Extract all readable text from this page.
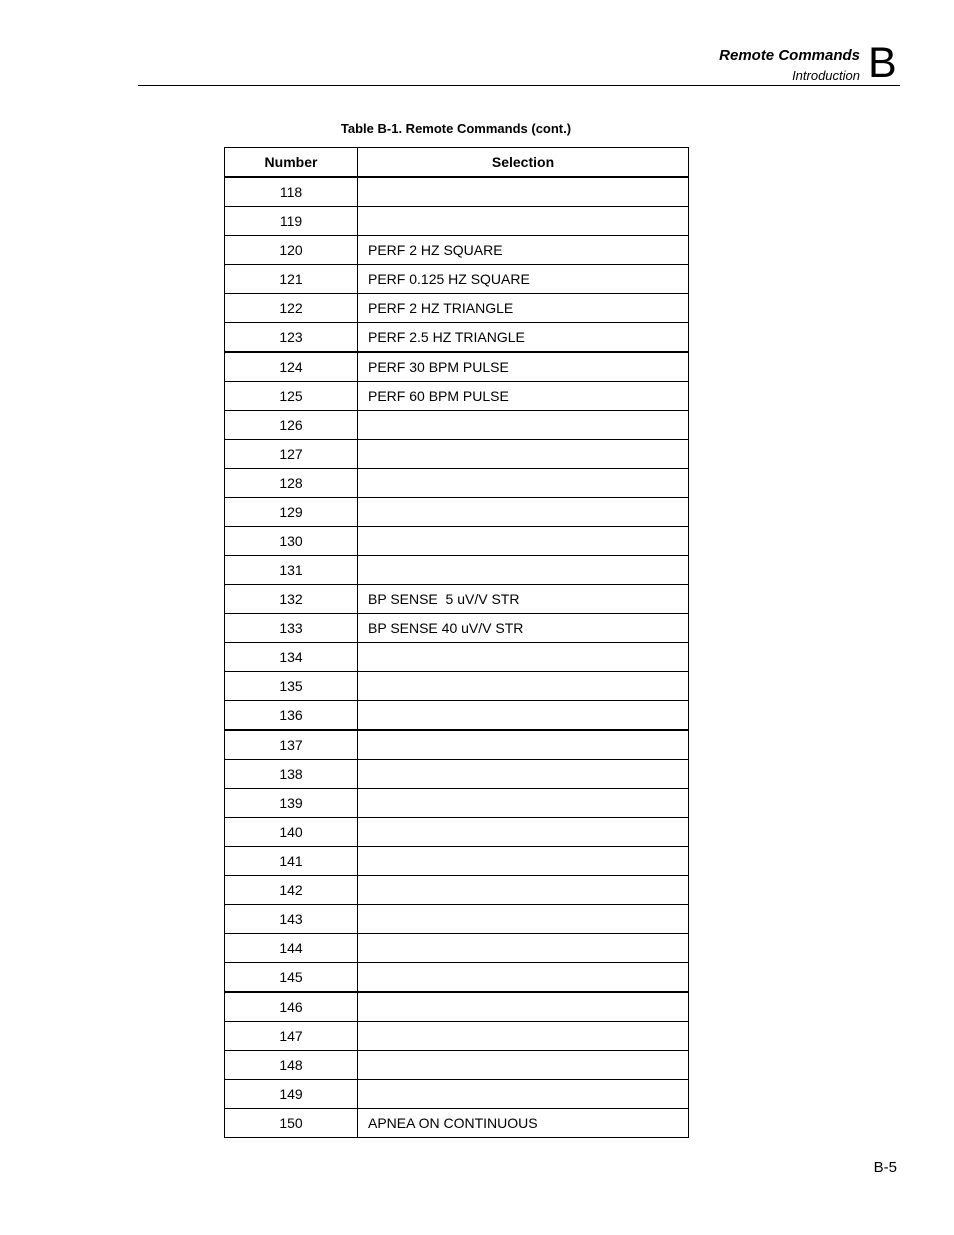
Remote Commands
Introduction B
Table B-1. Remote Commands (cont.)
Number	Selection
118	
119	
120	PERF 2 HZ SQUARE
121	PERF 0.125 HZ SQUARE
122	PERF 2 HZ TRIANGLE
123	PERF 2.5 HZ TRIANGLE
124	PERF 30 BPM PULSE
125	PERF 60 BPM PULSE
126	
127	
128	
129	
130	
131	
132	BP SENSE  5 uV/V STR
133	BP SENSE 40 uV/V STR
134	
135	
136	
137	
138	
139	
140	
141	
142	
143	
144	
145	
146	
147	
148	
149	
150	APNEA ON CONTINUOUS
B-5
